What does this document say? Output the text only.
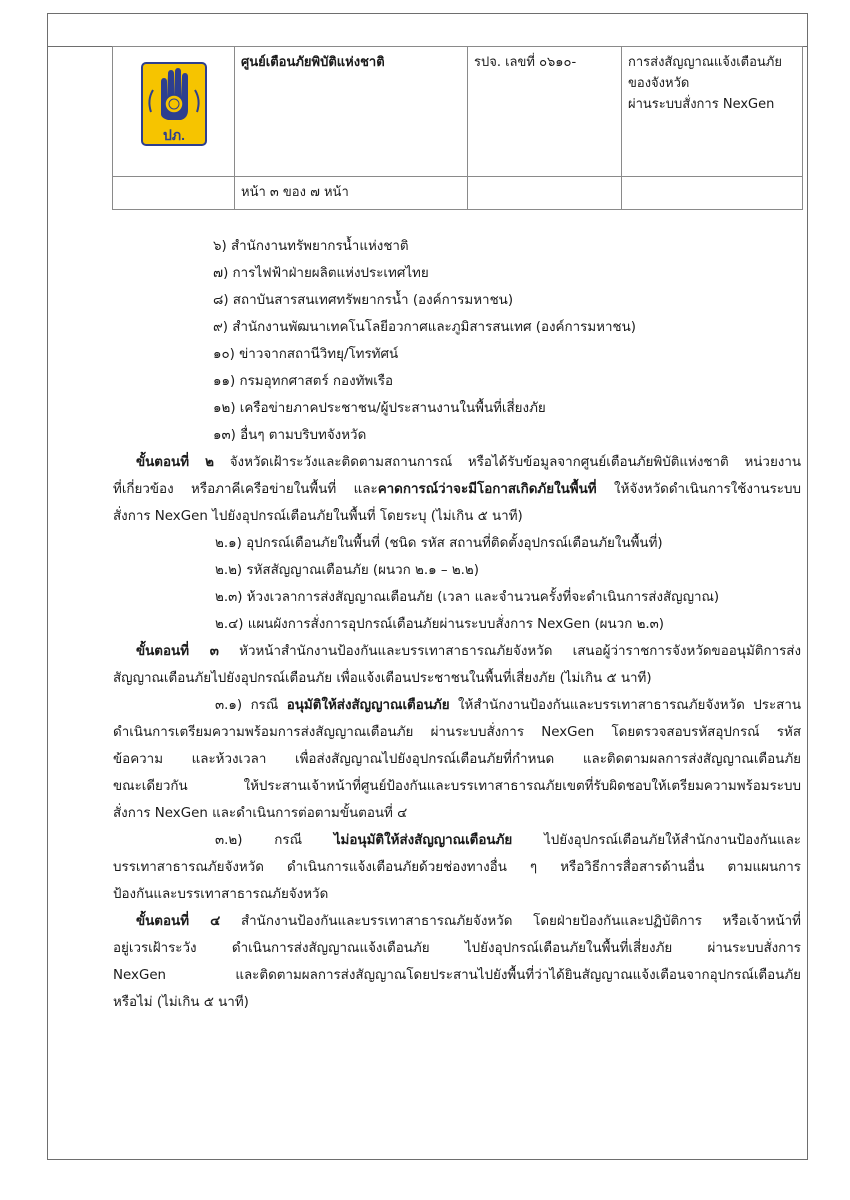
ปภ.	ศูนย์เตือนภัยพิบัติแห่งชาติ	รปจ. เลขที่ ๐๖๑๐-	การส่งสัญญาณแจ้งเตือนภัยของจังหวัด
ผ่านระบบสั่งการ NexGen

	หน้า ๓ ของ ๗ หน้า		
๖) สำนักงานทรัพยากรน้ำแห่งชาติ
๗) การไฟฟ้าฝ่ายผลิตแห่งประเทศไทย
๘) สถาบันสารสนเทศทรัพยากรน้ำ (องค์การมหาชน)
๙) สำนักงานพัฒนาเทคโนโลยีอวกาศและภูมิสารสนเทศ (องค์การมหาชน)
๑๐) ข่าวจากสถานีวิทยุ/โทรทัศน์
๑๑) กรมอุทกศาสตร์ กองทัพเรือ
๑๒) เครือข่ายภาคประชาชน/ผู้ประสานงานในพื้นที่เสี่ยงภัย
๑๓) อื่นๆ ตามบริบทจังหวัด
ขั้นตอนที่ ๒ จังหวัดเฝ้าระวังและติดตามสถานการณ์ หรือได้รับข้อมูลจากศูนย์เตือนภัยพิบัติแห่งชาติ หน่วยงาน
ที่เกี่ยวข้อง หรือภาคีเครือข่ายในพื้นที่ และคาดการณ์ว่าจะมีโอกาสเกิดภัยในพื้นที่ ให้จังหวัดดำเนินการใช้งานระบบ
สั่งการ NexGen ไปยังอุปกรณ์เตือนภัยในพื้นที่ โดยระบุ (ไม่เกิน ๕ นาที)
๒.๑) อุปกรณ์เตือนภัยในพื้นที่ (ชนิด รหัส สถานที่ติดตั้งอุปกรณ์เตือนภัยในพื้นที่)
๒.๒) รหัสสัญญาณเตือนภัย (ผนวก ๒.๑ – ๒.๒)
๒.๓) ห้วงเวลาการส่งสัญญาณเตือนภัย (เวลา และจำนวนครั้งที่จะดำเนินการส่งสัญญาณ)
๒.๔) แผนผังการสั่งการอุปกรณ์เตือนภัยผ่านระบบสั่งการ NexGen (ผนวก ๒.๓)
ขั้นตอนที่ ๓ หัวหน้าสำนักงานป้องกันและบรรเทาสาธารณภัยจังหวัด เสนอผู้ว่าราชการจังหวัดขออนุมัติการส่ง
สัญญาณเตือนภัยไปยังอุปกรณ์เตือนภัย เพื่อแจ้งเตือนประชาชนในพื้นที่เสี่ยงภัย (ไม่เกิน ๕ นาที)
๓.๑) กรณี อนุมัติให้ส่งสัญญาณเตือนภัย ให้สำนักงานป้องกันและบรรเทาสาธารณภัยจังหวัด ประสาน
ดำเนินการเตรียมความพร้อมการส่งสัญญาณเตือนภัย ผ่านระบบสั่งการ NexGen โดยตรวจสอบรหัสอุปกรณ์ รหัส
ข้อความ และห้วงเวลา เพื่อส่งสัญญาณไปยังอุปกรณ์เตือนภัยที่กำหนด และติดตามผลการส่งสัญญาณเตือนภัย
ขณะเดียวกัน ให้ประสานเจ้าหน้าที่ศูนย์ป้องกันและบรรเทาสาธารณภัยเขตที่รับผิดชอบให้เตรียมความพร้อมระบบ
สั่งการ NexGen และดำเนินการต่อตามขั้นตอนที่ ๔
๓.๒) กรณี ไม่อนุมัติให้ส่งสัญญาณเตือนภัย ไปยังอุปกรณ์เตือนภัยให้สำนักงานป้องกันและ
บรรเทาสาธารณภัยจังหวัด ดำเนินการแจ้งเตือนภัยด้วยช่องทางอื่น ๆ หรือวิธีการสื่อสารด้านอื่น ตามแผนการ
ป้องกันและบรรเทาสาธารณภัยจังหวัด
ขั้นตอนที่ ๔ สำนักงานป้องกันและบรรเทาสาธารณภัยจังหวัด โดยฝ่ายป้องกันและปฏิบัติการ หรือเจ้าหน้าที่
อยู่เวรเฝ้าระวัง ดำเนินการส่งสัญญาณแจ้งเตือนภัย ไปยังอุปกรณ์เตือนภัยในพื้นที่เสี่ยงภัย ผ่านระบบสั่งการ
NexGen และติดตามผลการส่งสัญญาณโดยประสานไปยังพื้นที่ว่าได้ยินสัญญาณแจ้งเตือนจากอุปกรณ์เตือนภัย
หรือไม่ (ไม่เกิน ๕ นาที)
